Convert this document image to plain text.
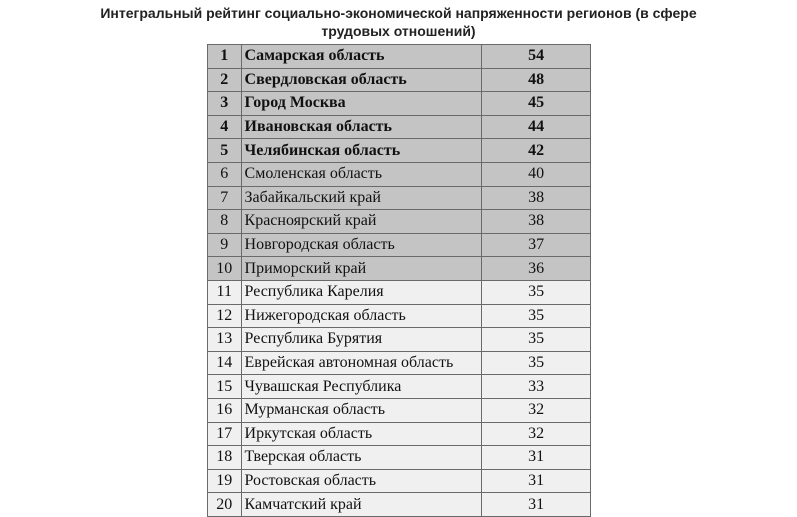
Интегральный рейтинг социально-экономической напряженности регионов (в сфере
трудовых отношений)
1	Самарская область	54
2	Свердловская область	48
3	Город Москва	45
4	Ивановская область	44
5	Челябинская область	42
6	Смоленская область	40
7	Забайкальский край	38
8	Красноярский край	38
9	Новгородская область	37
10	Приморский край	36
11	Республика Карелия	35
12	Нижегородская область	35
13	Республика Бурятия	35
14	Еврейская автономная область	35
15	Чувашская Республика	33
16	Мурманская область	32
17	Иркутская область	32
18	Тверская область	31
19	Ростовская область	31
20	Камчатский край	31
